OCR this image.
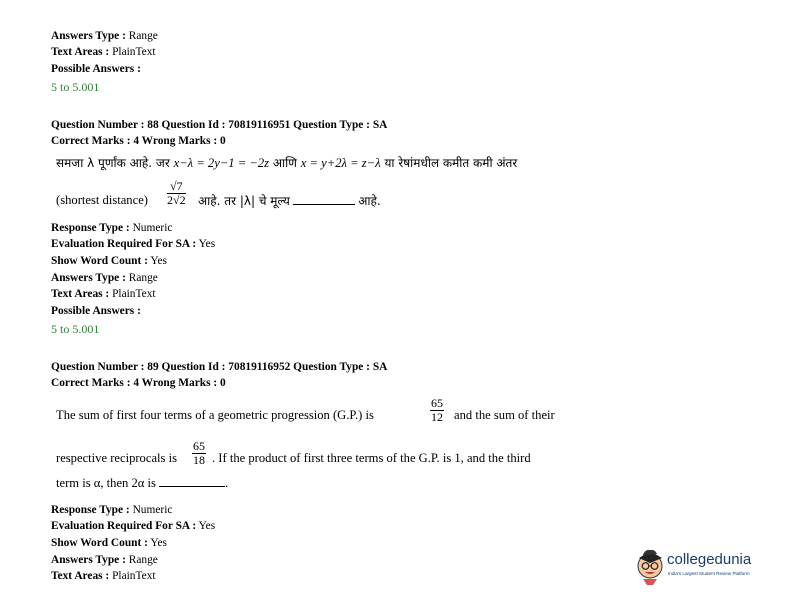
Answers Type : Range
Text Areas : PlainText
Possible Answers :
5 to 5.001
Question Number : 88 Question Id : 70819116951 Question Type : SA
Correct Marks : 4 Wrong Marks : 0
समजा λ पूर्णांक आहे. जर x−λ = 2y−1 = −2z आणि x = y+2λ = z−λ या रेषांमधील कमीत कमी अंतर
(shortest distance)
√7
2√2 आहे. तर |λ| चे मूल्य	आहे.
Response Type : Numeric
Evaluation Required For SA : Yes
Show Word Count : Yes
Answers Type : Range
Text Areas : PlainText
Possible Answers :
5 to 5.001
Question Number : 89 Question Id : 70819116952 Question Type : SA
Correct Marks : 4 Wrong Marks : 0
The sum of first four terms of a geometric progression (G.P.) is
65
12 and the sum of their
respective reciprocals is
65
18 . If the product of first three terms of the G.P. is 1, and the third
term is α, then 2α is	.
Response Type : Numeric
Evaluation Required For SA : Yes
Show Word Count : Yes
Answers Type : Range
Text Areas : PlainText
collegedunia
India's Largest Student Review Platform
